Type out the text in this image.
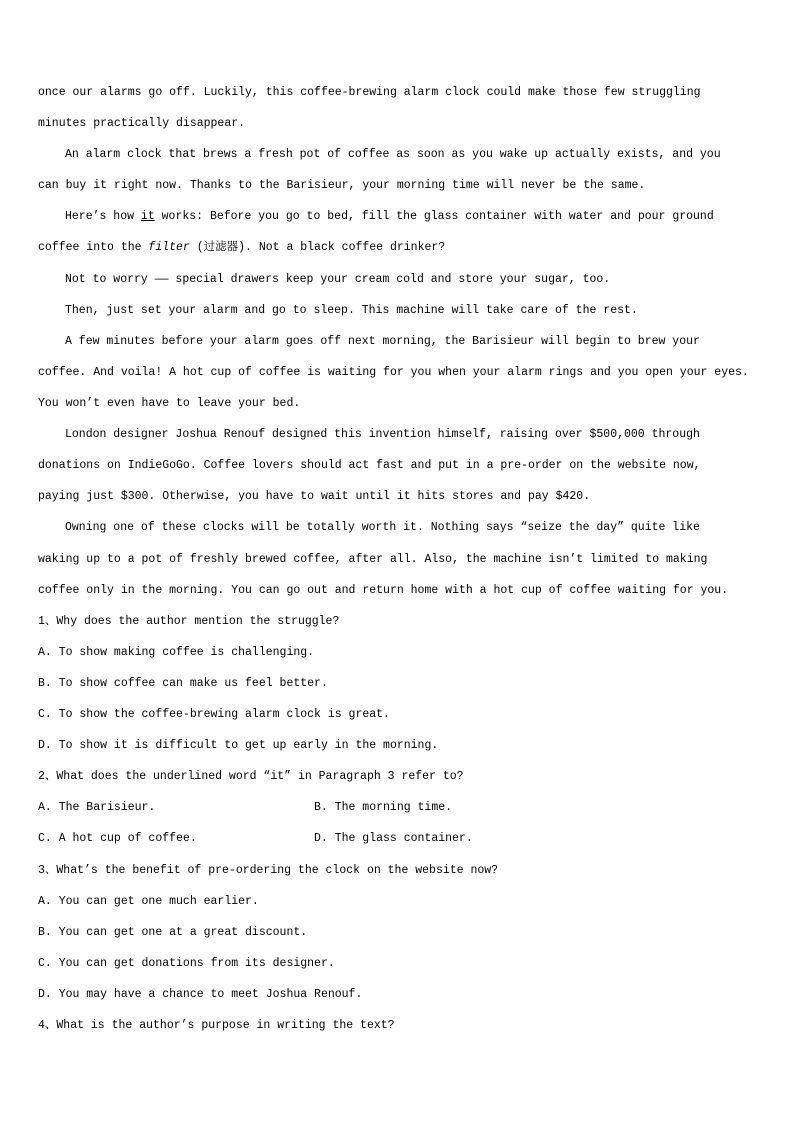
once our alarms go off. Luckily, this coffee-brewing alarm clock could make those few struggling
minutes practically disappear.
An alarm clock that brews a fresh pot of coffee as soon as you wake up actually exists, and you
can buy it right now. Thanks to the Barisieur, your morning time will never be the same.
Here’s how it works: Before you go to bed, fill the glass container with water and pour ground
coffee into the filter (过滤器). Not a black coffee drinker?
Not to worry —— special drawers keep your cream cold and store your sugar, too.
Then, just set your alarm and go to sleep. This machine will take care of the rest.
A few minutes before your alarm goes off next morning, the Barisieur will begin to brew your
coffee. And voila! A hot cup of coffee is waiting for you when your alarm rings and you open your eyes.
You won’t even have to leave your bed.
London designer Joshua Renouf designed this invention himself, raising over $500,000 through
donations on IndieGoGo. Coffee lovers should act fast and put in a pre-order on the website now,
paying just $300. Otherwise, you have to wait until it hits stores and pay $420.
Owning one of these clocks will be totally worth it. Nothing says “seize the day” quite like
waking up to a pot of freshly brewed coffee, after all. Also, the machine isn’t limited to making
coffee only in the morning. You can go out and return home with a hot cup of coffee waiting for you.
1、Why does the author mention the struggle?
A. To show making coffee is challenging.
B. To show coffee can make us feel better.
C. To show the coffee-brewing alarm clock is great.
D. To show it is difficult to get up early in the morning.
2、What does the underlined word “it” in Paragraph 3 refer to?
A. The Barisieur.	B. The morning time.
C. A hot cup of coffee.	D. The glass container.
3、What’s the benefit of pre-ordering the clock on the website now?
A. You can get one much earlier.
B. You can get one at a great discount.
C. You can get donations from its designer.
D. You may have a chance to meet Joshua Renouf.
4、What is the author’s purpose in writing the text?
